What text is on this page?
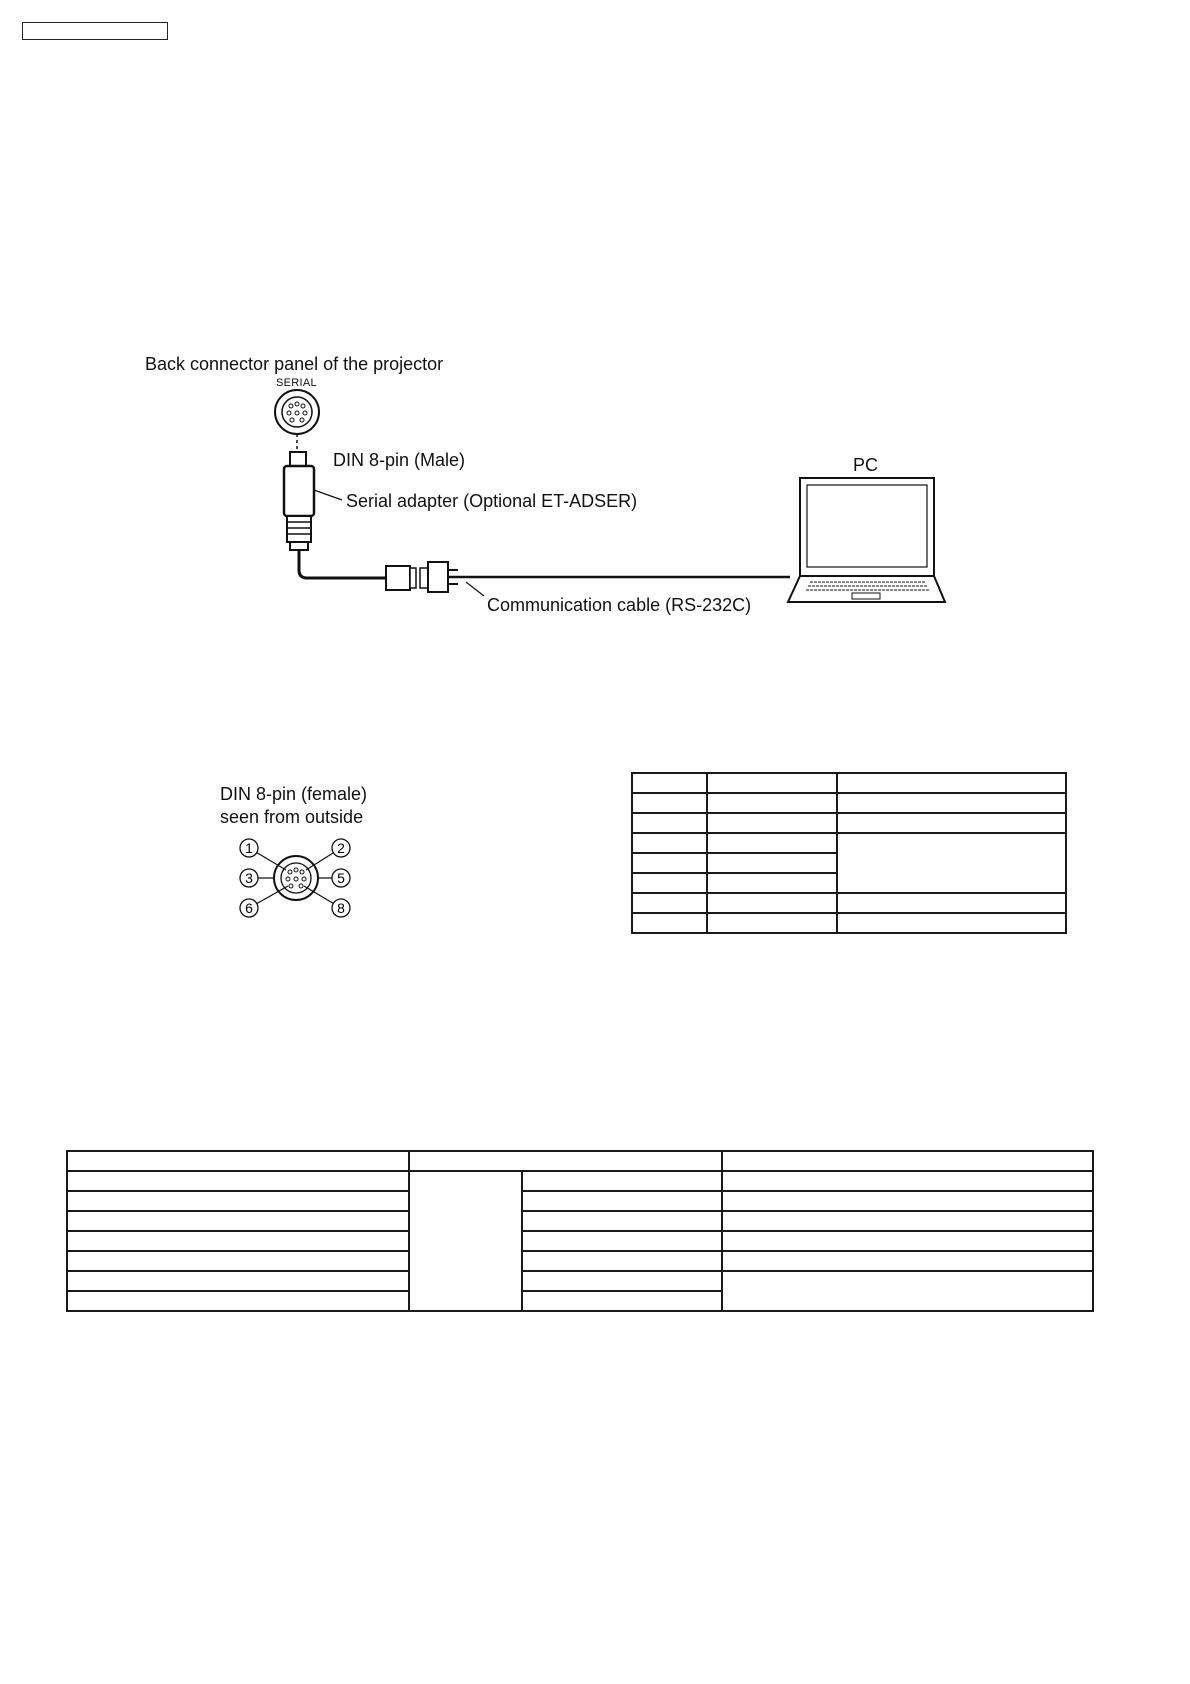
Back connector panel of the projector
SERIAL
DIN 8-pin (Male)
Serial adapter (Optional ET-ADSER)
PC
Communication cable (RS-232C)
DIN 8-pin (female)
seen from outside
1	2
3	5
6	8
